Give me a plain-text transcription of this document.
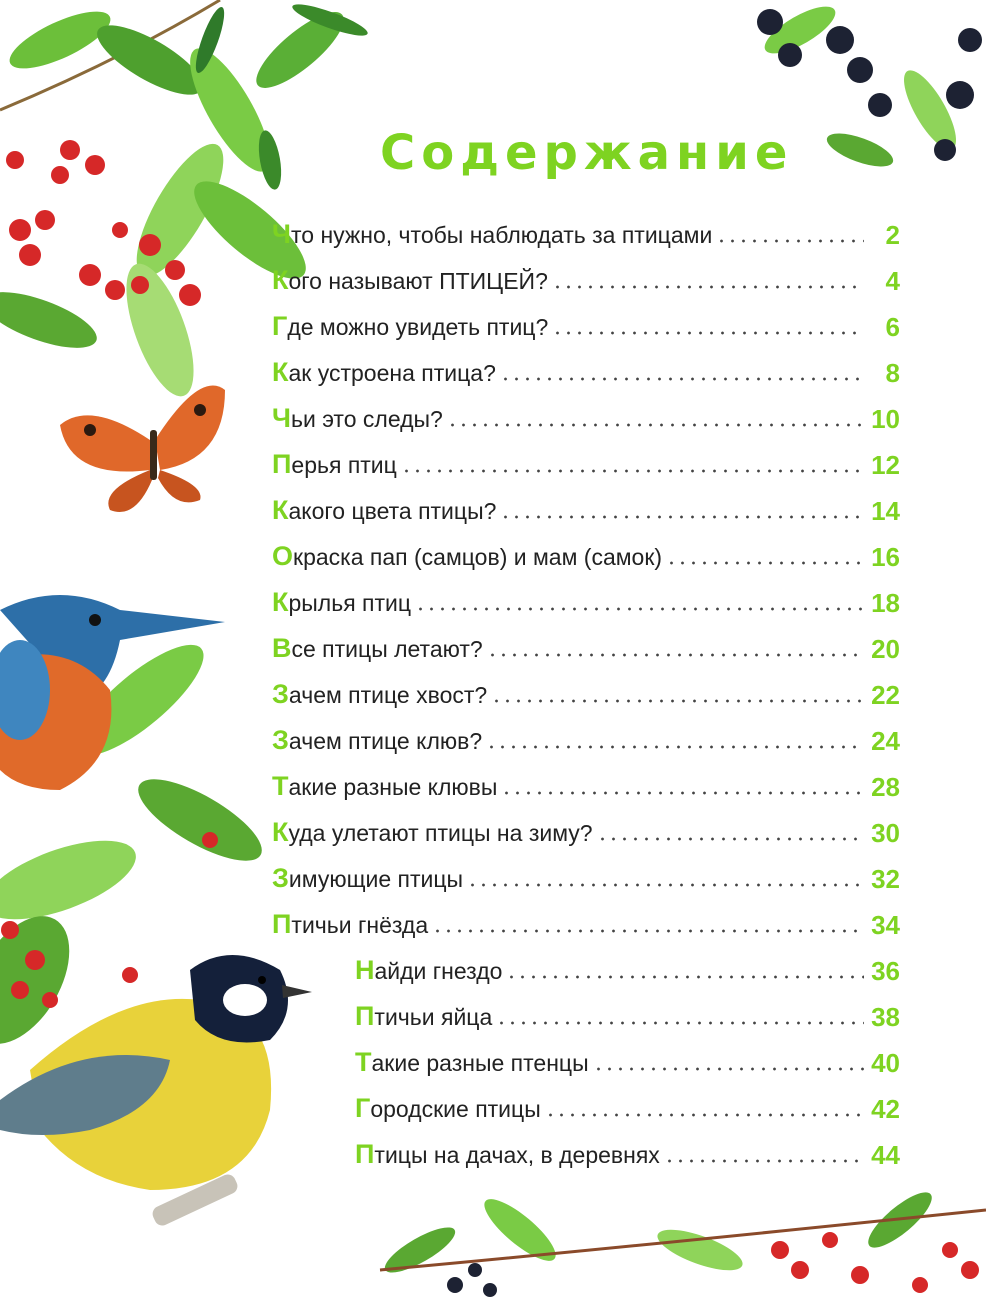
Содержание
Что нужно, чтобы наблюдать за птицами	2
Кого называют ПТИЦЕЙ?	4
Где можно увидеть птиц?	6
Как устроена птица?	8
Чьи это следы?	10
Перья птиц	12
Какого цвета птицы?	14
Окраска пап (самцов) и мам (самок)	16
Крылья птиц	18
Все птицы летают?	20
Зачем птице хвост?	22
Зачем птице клюв?	24
Такие разные клювы	28
Куда улетают птицы на зиму?	30
Зимующие птицы	32
Птичьи гнёзда	34
Найди гнездо	36
Птичьи яйца	38
Такие разные птенцы	40
Городские птицы	42
Птицы на дачах, в деревнях	44
